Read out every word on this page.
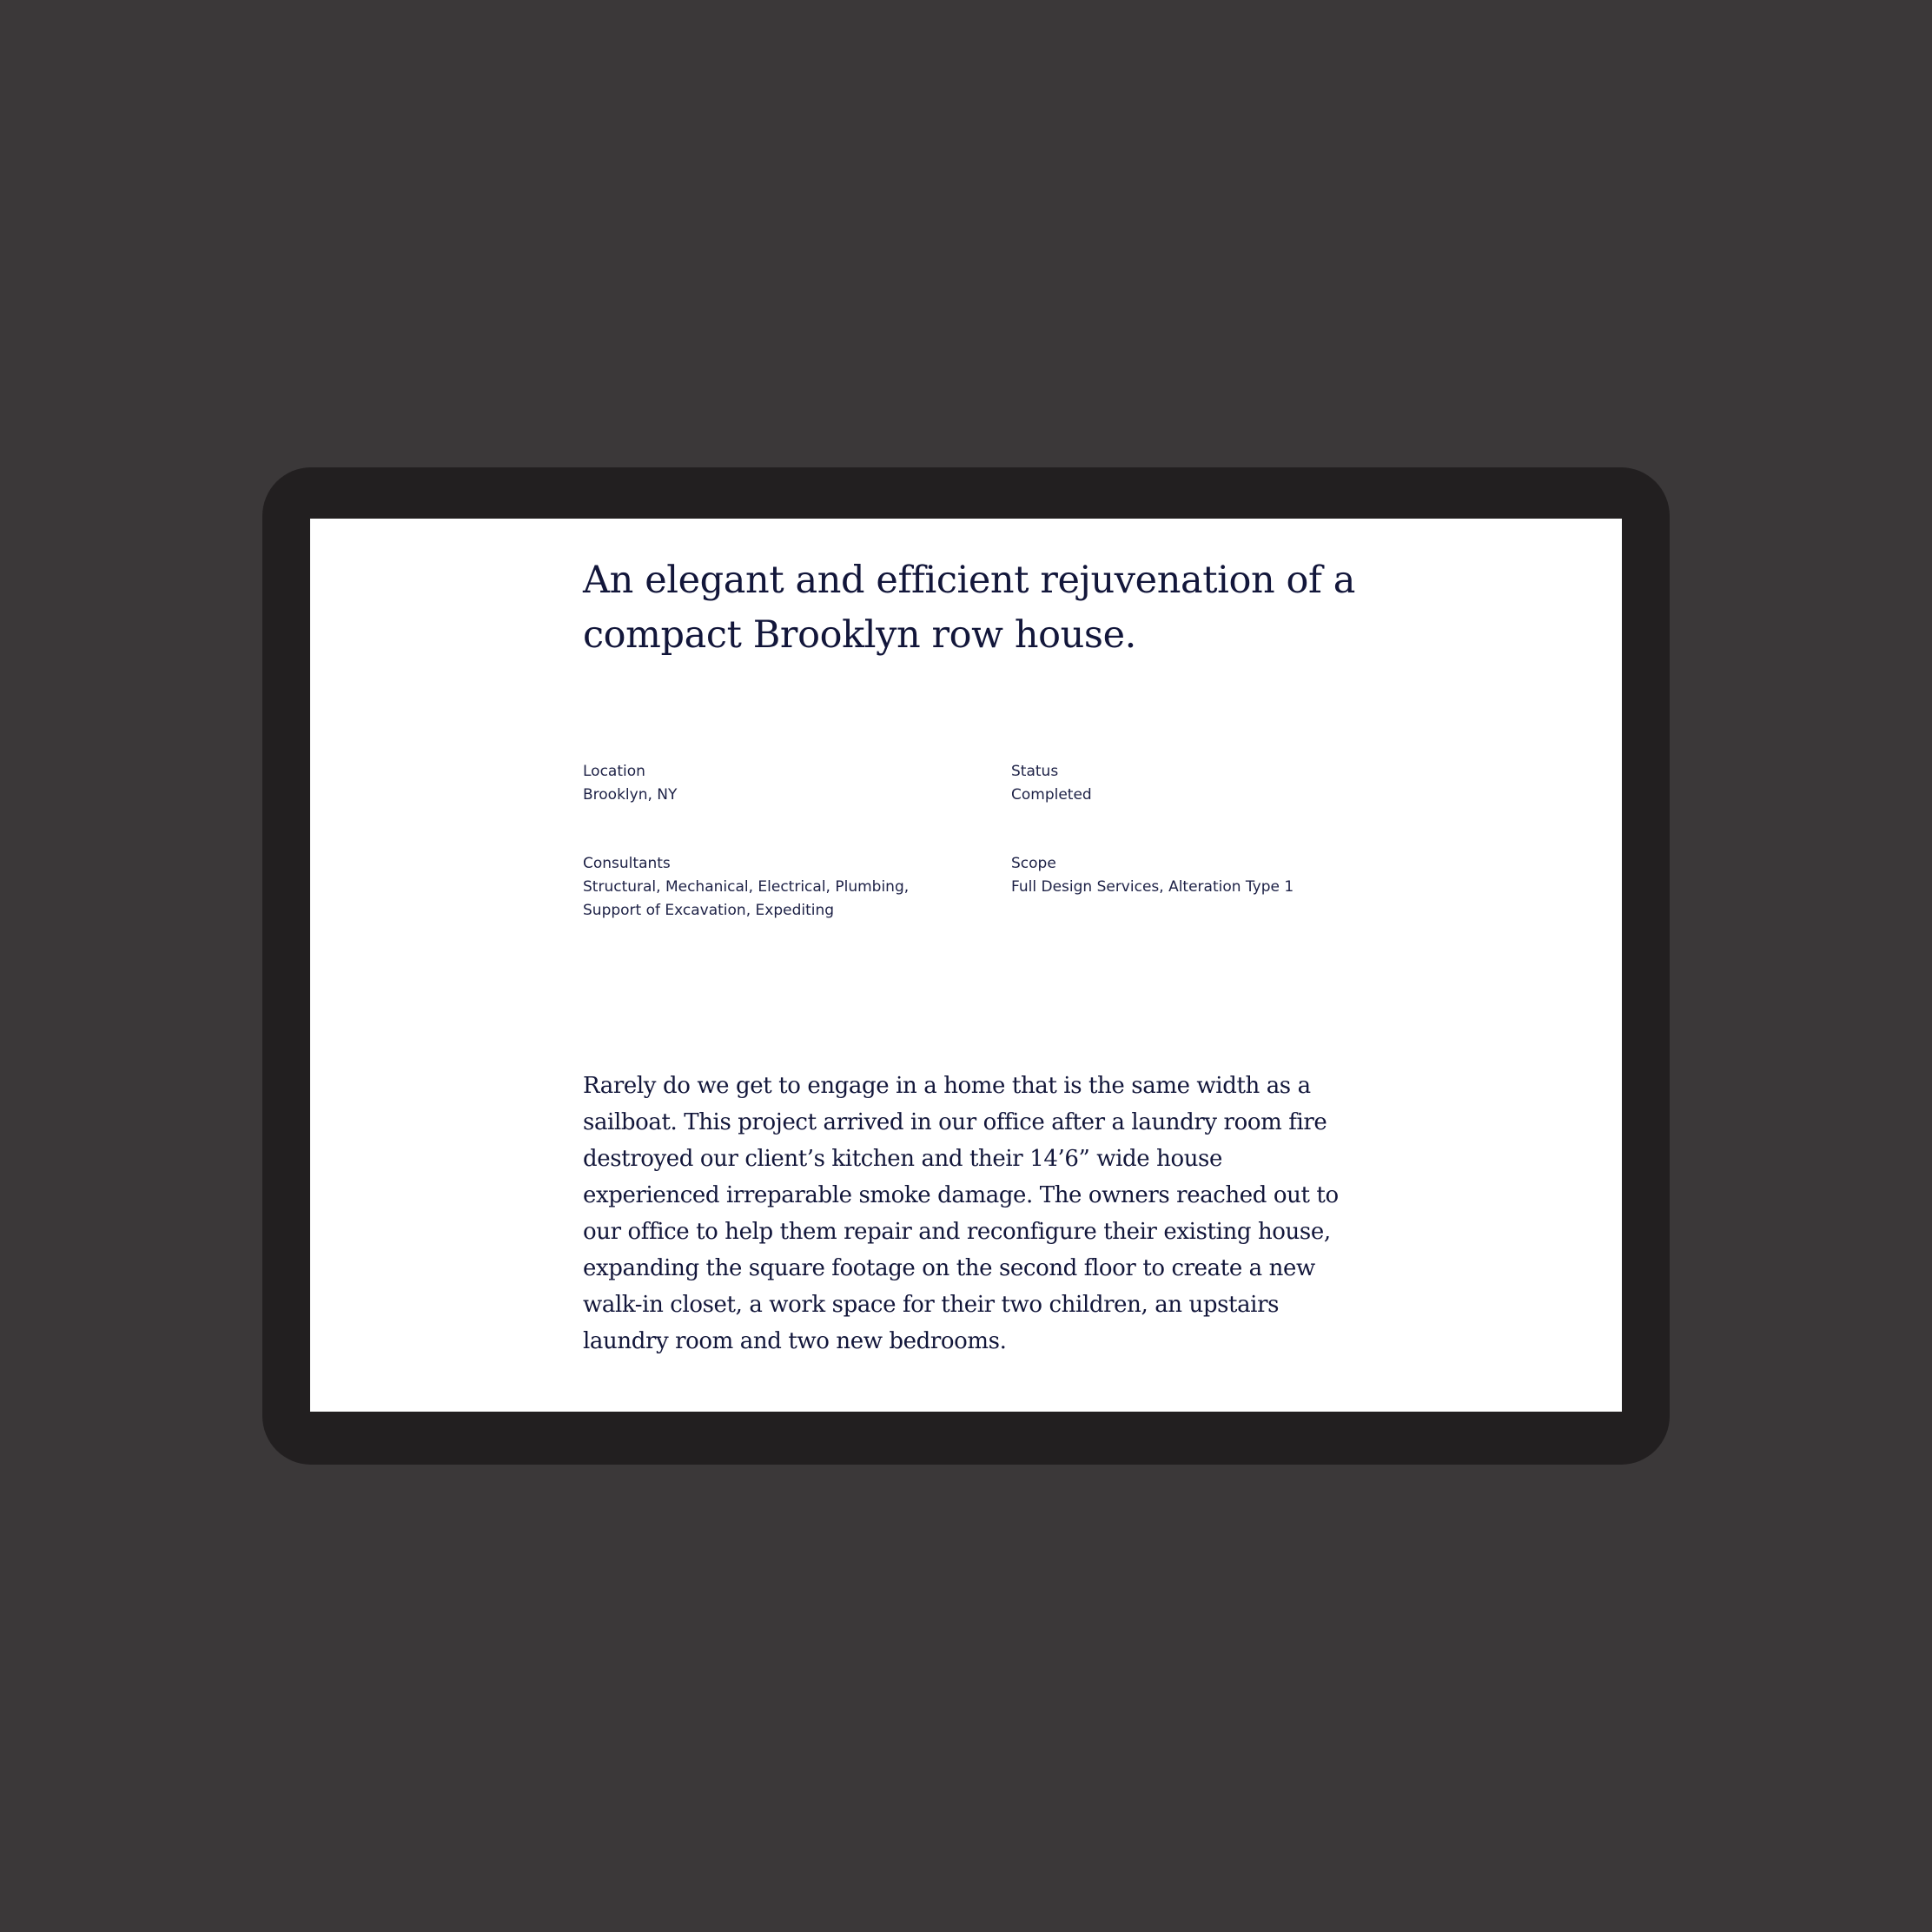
An elegant and efficient rejuvenation of a compact Brooklyn row house.
Location
Brooklyn, NY
Status
Completed
Consultants
Structural, Mechanical, Electrical, Plumbing, Support of Excavation, Expediting
Scope
Full Design Services, Alteration Type 1

Rarely do we get to engage in a home that is the same width as a sailboat. This project arrived in our office after a laundry room fire destroyed our client’s kitchen and their 14’6” wide house experienced irreparable smoke damage. The owners reached out to our office to help them repair and reconfigure their existing house, expanding the square footage on the second floor to create a new walk-in closet, a work space for their two children, an upstairs laundry room and two new bedrooms.
